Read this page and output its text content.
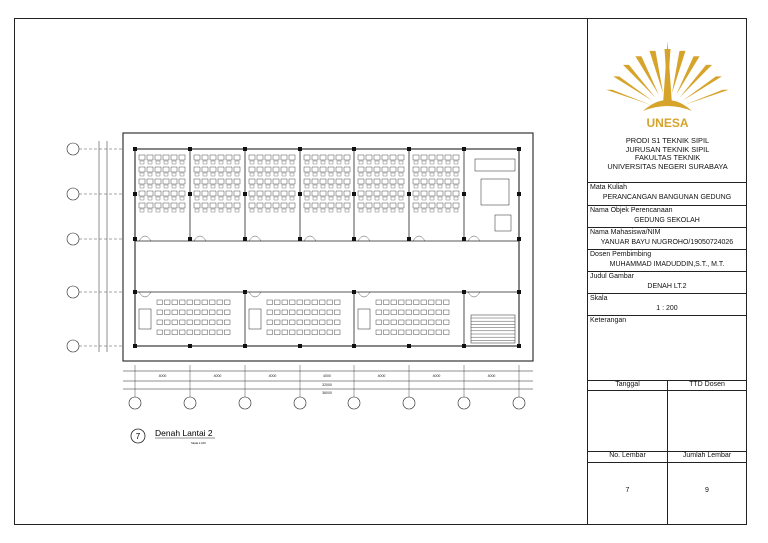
4000	4000	4000	4000	4000	4000	4000
32000
36000
7 Denah Lantai 2
Skala 1:100
UNESA
PRODI S1 TEKNIK SIPIL
JURUSAN TEKNIK SIPIL
FAKULTAS TEKNIK
UNIVERSITAS NEGERI SURABAYA
Mata Kuliah
PERANCANGAN BANGUNAN GEDUNG
Nama Objek Perencanaan
GEDUNG SEKOLAH
Nama Mahasiswa/NIM
YANUAR BAYU NUGROHO/19050724026
Dosen Pembimbing
MUHAMMAD IMADUDDIN,S.T., M.T.
Judul Gambar
DENAH LT.2
Skala
1 : 200
Keterangan
Tanggal	TTD Dosen
No. Lembar	Jumlah Lembar
7	9
